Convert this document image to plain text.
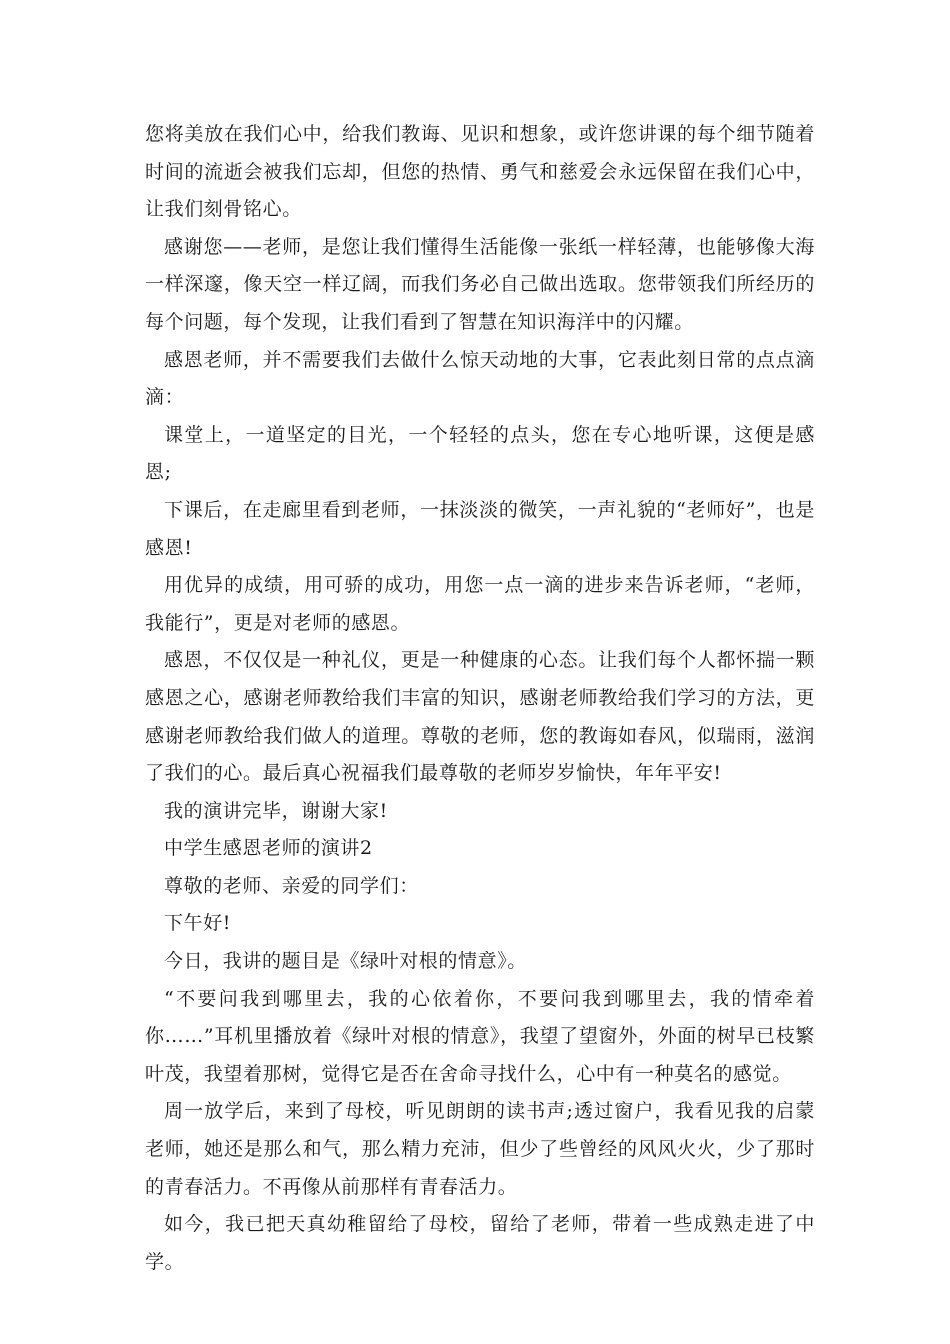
您将美放在我们心中，给我们教诲、见识和想象，或许您讲课的每个细节随着时间的流逝会被我们忘却，但您的热情、勇气和慈爱会永远保留在我们心中，让我们刻骨铭心。

感谢您——老师，是您让我们懂得生活能像一张纸一样轻薄，也能够像大海一样深邃，像天空一样辽阔，而我们务必自己做出选取。您带领我们所经历的每个问题，每个发现，让我们看到了智慧在知识海洋中的闪耀。

感恩老师，并不需要我们去做什么惊天动地的大事，它表此刻日常的点点滴滴：

课堂上，一道坚定的目光，一个轻轻的点头，您在专心地听课，这便是感恩;

下课后，在走廊里看到老师，一抹淡淡的微笑，一声礼貌的“老师好”，也是感恩!

用优异的成绩，用可骄的成功，用您一点一滴的进步来告诉老师，“老师，我能行”，更是对老师的感恩。

感恩，不仅仅是一种礼仪，更是一种健康的心态。让我们每个人都怀揣一颗感恩之心，感谢老师教给我们丰富的知识，感谢老师教给我们学习的方法，更感谢老师教给我们做人的道理。尊敬的老师，您的教诲如春风，似瑞雨，滋润了我们的心。最后真心祝福我们最尊敬的老师岁岁愉快，年年平安!

我的演讲完毕，谢谢大家!

中学生感恩老师的演讲2

尊敬的老师、亲爱的同学们：

下午好!

今日，我讲的题目是《绿叶对根的情意》。

“不要问我到哪里去，我的心依着你，不要问我到哪里去，我的情牵着你……”耳机里播放着《绿叶对根的情意》，我望了望窗外，外面的树早已枝繁叶茂，我望着那树，觉得它是否在舍命寻找什么，心中有一种莫名的感觉。

周一放学后，来到了母校，听见朗朗的读书声;透过窗户，我看见我的启蒙老师，她还是那么和气，那么精力充沛，但少了些曾经的风风火火，少了那时的青春活力。不再像从前那样有青春活力。

如今，我已把天真幼稚留给了母校，留给了老师，带着一些成熟走进了中学。
